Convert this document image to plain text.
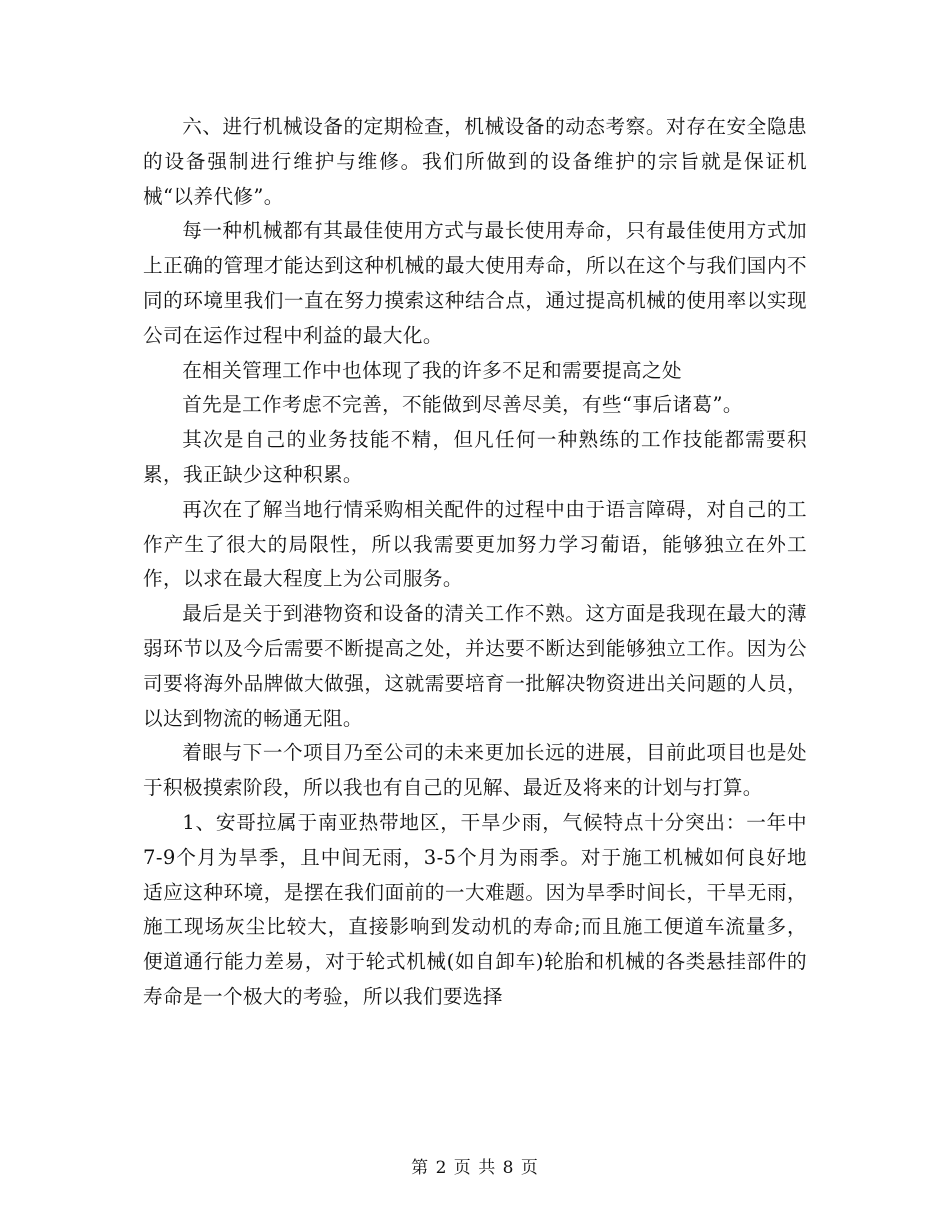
六、进行机械设备的定期检查，机械设备的动态考察。对存在安全隐患的设备强制进行维护与维修。我们所做到的设备维护的宗旨就是保证机械“以养代修”。

每一种机械都有其最佳使用方式与最长使用寿命，只有最佳使用方式加上正确的管理才能达到这种机械的最大使用寿命，所以在这个与我们国内不同的环境里我们一直在努力摸索这种结合点，通过提高机械的使用率以实现公司在运作过程中利益的最大化。

在相关管理工作中也体现了我的许多不足和需要提高之处

首先是工作考虑不完善，不能做到尽善尽美，有些“事后诸葛”。

其次是自己的业务技能不精，但凡任何一种熟练的工作技能都需要积累，我正缺少这种积累。

再次在了解当地行情采购相关配件的过程中由于语言障碍，对自己的工作产生了很大的局限性，所以我需要更加努力学习葡语，能够独立在外工作，以求在最大程度上为公司服务。

最后是关于到港物资和设备的清关工作不熟。这方面是我现在最大的薄弱环节以及今后需要不断提高之处，并达要不断达到能够独立工作。因为公司要将海外品牌做大做强，这就需要培育一批解决物资进出关问题的人员，以达到物流的畅通无阻。

着眼与下一个项目乃至公司的未来更加长远的进展，目前此项目也是处于积极摸索阶段，所以我也有自己的见解、最近及将来的计划与打算。

1、安哥拉属于南亚热带地区，干旱少雨，气候特点十分突出：一年中7-9个月为旱季，且中间无雨，3-5个月为雨季。对于施工机械如何良好地适应这种环境，是摆在我们面前的一大难题。因为旱季时间长，干旱无雨，施工现场灰尘比较大，直接影响到发动机的寿命;而且施工便道车流量多，便道通行能力差易，对于轮式机械(如自卸车)轮胎和机械的各类悬挂部件的寿命是一个极大的考验，所以我们要选择

第 2 页 共 8 页
